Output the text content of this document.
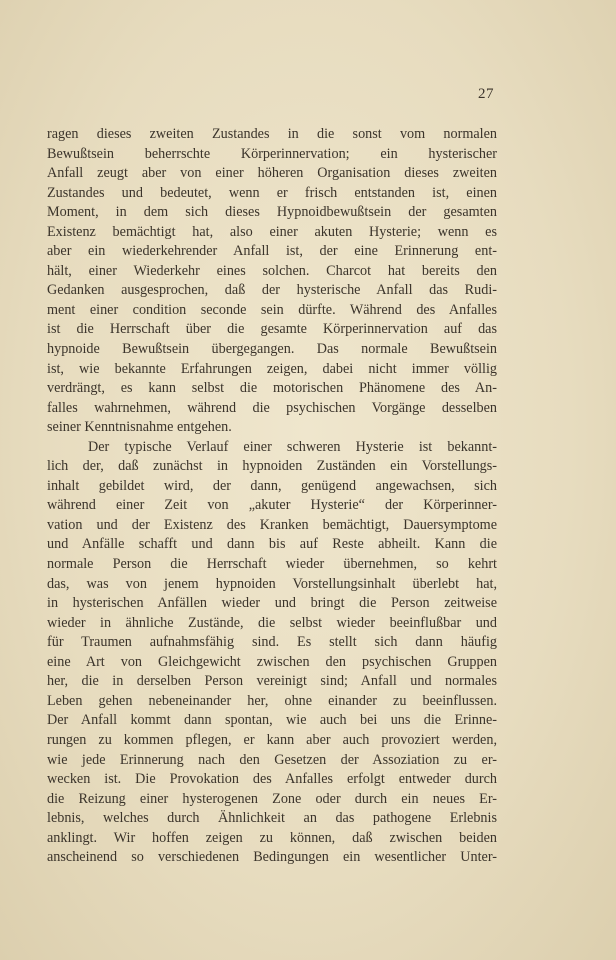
27
ragen dieses zweiten Zustandes in die sonst vom normalen
Bewußtsein beherrschte Körperinnervation; ein hysterischer
Anfall zeugt aber von einer höheren Organisation dieses zweiten
Zustandes und bedeutet, wenn er frisch entstanden ist, einen
Moment, in dem sich dieses Hypnoidbewußtsein der gesamten
Existenz bemächtigt hat, also einer akuten Hysterie; wenn es
aber ein wiederkehrender Anfall ist, der eine Erinnerung ent-
hält, einer Wiederkehr eines solchen. Charcot hat bereits den
Gedanken ausgesprochen, daß der hysterische Anfall das Rudi-
ment einer condition seconde sein dürfte. Während des Anfalles
ist die Herrschaft über die gesamte Körperinnervation auf das
hypnoide Bewußtsein übergegangen. Das normale Bewußtsein
ist, wie bekannte Erfahrungen zeigen, dabei nicht immer völlig
verdrängt, es kann selbst die motorischen Phänomene des An-
falles wahrnehmen, während die psychischen Vorgänge desselben
seiner Kenntnisnahme entgehen.
Der typische Verlauf einer schweren Hysterie ist bekannt-
lich der, daß zunächst in hypnoiden Zuständen ein Vorstellungs-
inhalt gebildet wird, der dann, genügend angewachsen, sich
während einer Zeit von „akuter Hysterie“ der Körperinner-
vation und der Existenz des Kranken bemächtigt, Dauersymptome
und Anfälle schafft und dann bis auf Reste abheilt. Kann die
normale Person die Herrschaft wieder übernehmen, so kehrt
das, was von jenem hypnoiden Vorstellungsinhalt überlebt hat,
in hysterischen Anfällen wieder und bringt die Person zeitweise
wieder in ähnliche Zustände, die selbst wieder beeinflußbar und
für Traumen aufnahmsfähig sind. Es stellt sich dann häufig
eine Art von Gleichgewicht zwischen den psychischen Gruppen
her, die in derselben Person vereinigt sind; Anfall und normales
Leben gehen nebeneinander her, ohne einander zu beeinflussen.
Der Anfall kommt dann spontan, wie auch bei uns die Erinne-
rungen zu kommen pflegen, er kann aber auch provoziert werden,
wie jede Erinnerung nach den Gesetzen der Assoziation zu er-
wecken ist. Die Provokation des Anfalles erfolgt entweder durch
die Reizung einer hysterogenen Zone oder durch ein neues Er-
lebnis, welches durch Ähnlichkeit an das pathogene Erlebnis
anklingt. Wir hoffen zeigen zu können, daß zwischen beiden
anscheinend so verschiedenen Bedingungen ein wesentlicher Unter-
